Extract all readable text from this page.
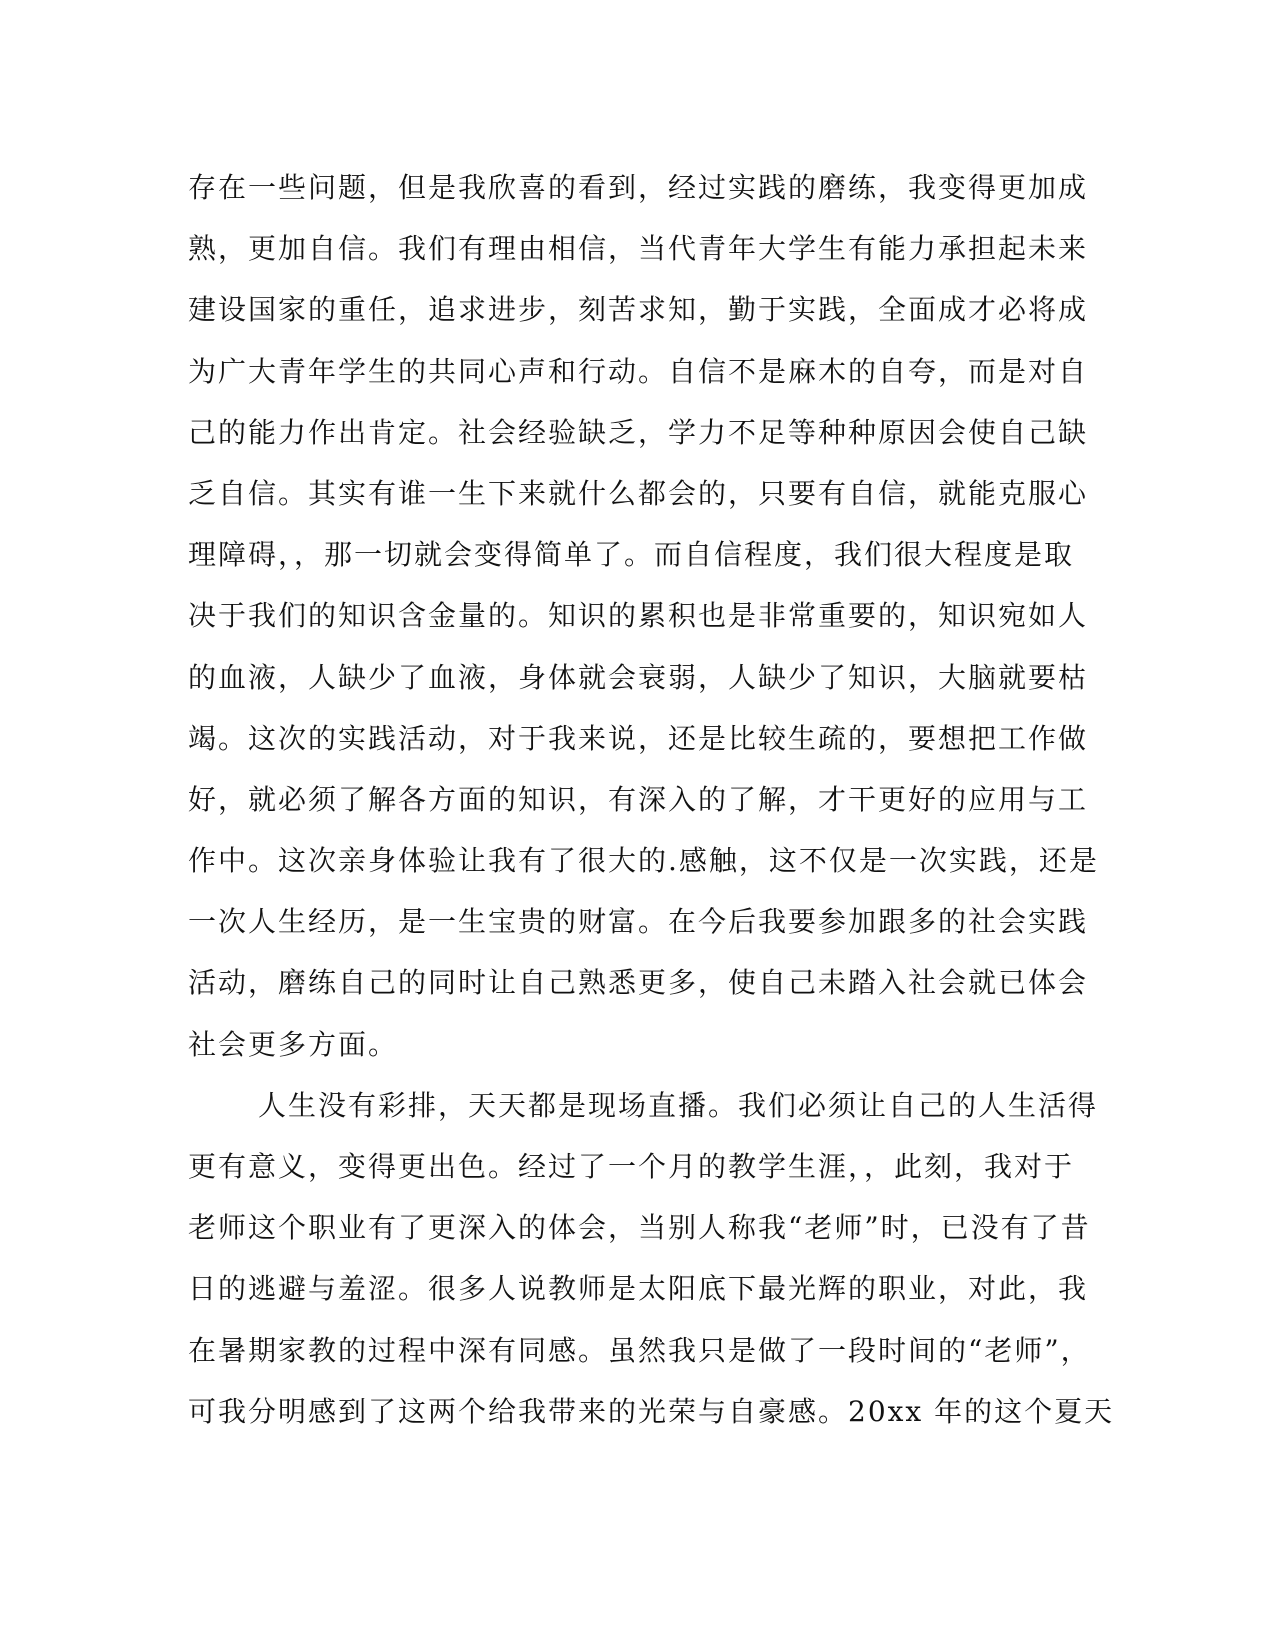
存在一些问题，但是我欣喜的看到，经过实践的磨练，我变得更加成
熟，更加自信。我们有理由相信，当代青年大学生有能力承担起未来
建设国家的重任，追求进步，刻苦求知，勤于实践，全面成才必将成
为广大青年学生的共同心声和行动。自信不是麻木的自夸，而是对自
己的能力作出肯定。社会经验缺乏，学力不足等种种原因会使自己缺
乏自信。其实有谁一生下来就什么都会的，只要有自信，就能克服心
理障碍，，那一切就会变得简单了。而自信程度，我们很大程度是取
决于我们的知识含金量的。知识的累积也是非常重要的，知识宛如人
的血液，人缺少了血液，身体就会衰弱，人缺少了知识，大脑就要枯
竭。这次的实践活动，对于我来说，还是比较生疏的，要想把工作做
好，就必须了解各方面的知识，有深入的了解，才干更好的应用与工
作中。这次亲身体验让我有了很大的.感触，这不仅是一次实践，还是
一次人生经历，是一生宝贵的财富。在今后我要参加跟多的社会实践
活动，磨练自己的同时让自己熟悉更多，使自己未踏入社会就已体会
社会更多方面。
人生没有彩排，天天都是现场直播。我们必须让自己的人生活得
更有意义，变得更出色。经过了一个月的教学生涯，，此刻，我对于
老师这个职业有了更深入的体会，当别人称我“老师”时，已没有了昔
日的逃避与羞涩。很多人说教师是太阳底下最光辉的职业，对此，我
在暑期家教的过程中深有同感。虽然我只是做了一段时间的“老师”，
可我分明感到了这两个给我带来的光荣与自豪感。20xx 年的这个夏天
